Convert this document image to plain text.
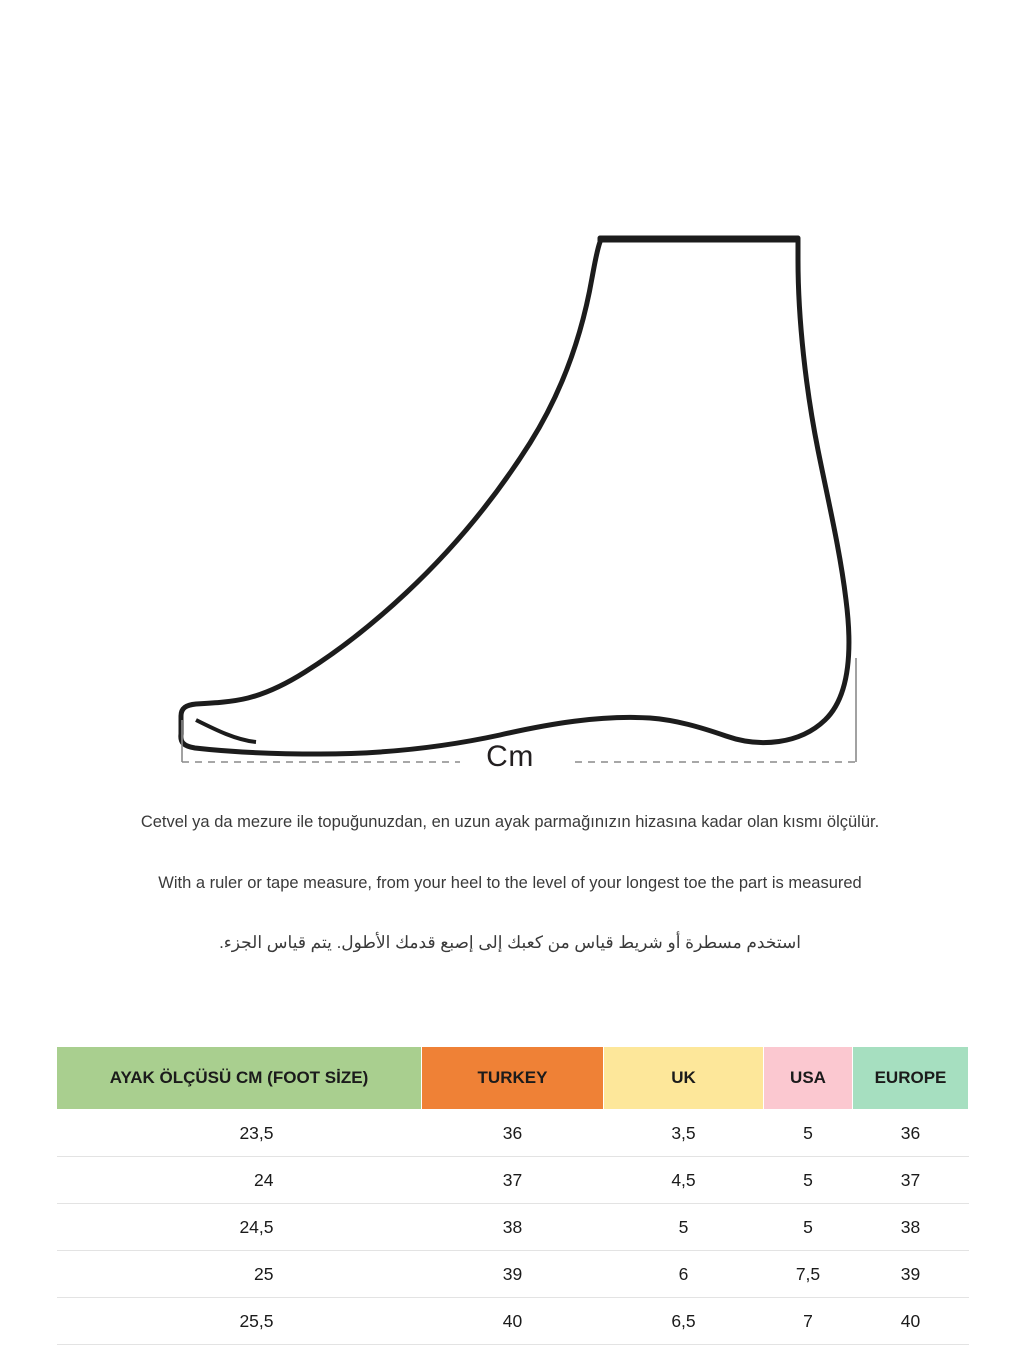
Cm
Cetvel ya da mezure ile topuğunuzdan, en uzun ayak parmağınızın hizasına kadar olan kısmı ölçülür.
With a ruler or tape measure, from your heel to the level of your longest toe the part is measured
استخدم مسطرة أو شريط قياس من كعبك إلى إصبع قدمك الأطول. يتم قياس الجزء.
AYAK ÖLÇÜSÜ CM (FOOT SİZE)	TURKEY	UK	USA	EUROPE
23,5	36	3,5	5	36
24	37	4,5	5	37
24,5	38	5	5	38
25	39	6	7,5	39
25,5	40	6,5	7	40
